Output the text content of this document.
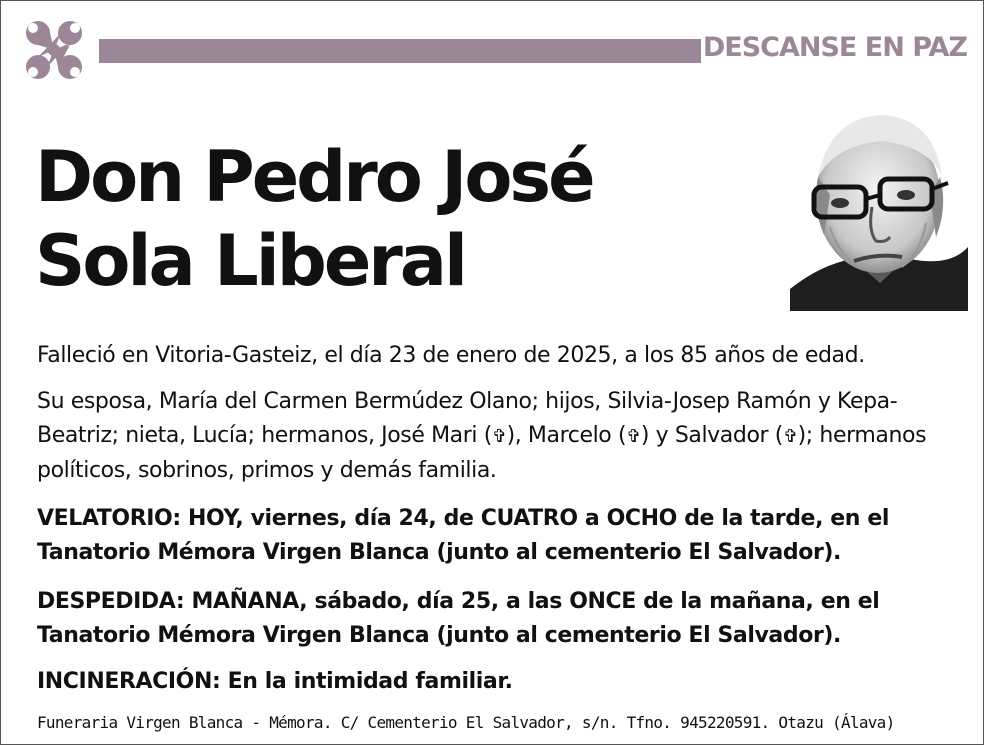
DESCANSE EN PAZ
Don Pedro José
Sola Liberal
Falleció en Vitoria-Gasteiz, el día 23 de enero de 2025, a los 85 años de edad.
Su esposa, María del Carmen Bermúdez Olano; hijos, Silvia-Josep Ramón y Kepa-Beatriz; nieta, Lucía; hermanos, José Mari (✞), Marcelo (✞) y Salvador (✞); hermanos políticos, sobrinos, primos y demás familia.
VELATORIO: HOY, viernes, día 24, de CUATRO a OCHO de la tarde, en el Tanatorio Mémora Virgen Blanca (junto al cementerio El Salvador).
DESPEDIDA: MAÑANA, sábado, día 25, a las ONCE de la mañana, en el Tanatorio Mémora Virgen Blanca (junto al cementerio El Salvador).
INCINERACIÓN: En la intimidad familiar.
Funeraria Virgen Blanca - Mémora. C/ Cementerio El Salvador, s/n. Tfno. 945220591. Otazu (Álava)
